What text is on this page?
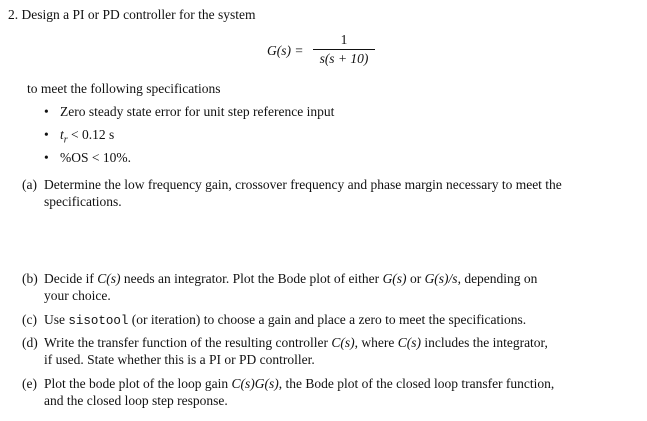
2. Design a PI or PD controller for the system
G(s) =
1
s(s + 10)
to meet the following specifications
• Zero steady state error for unit step reference input
• $t_r < 0.12$ s
• %OS < 10%.
(a) Determine the low frequency gain, crossover frequency and phase margin necessary to meet the
specifications.
(b) Decide if C(s) needs an integrator. Plot the Bode plot of either G(s) or G(s)/s, depending on
your choice.
(c) Use sisotool (or iteration) to choose a gain and place a zero to meet the specifications.
(d) Write the transfer function of the resulting controller C(s), where C(s) includes the integrator,
if used. State whether this is a PI or PD controller.
(e) Plot the bode plot of the loop gain C(s)G(s), the Bode plot of the closed loop transfer function,
and the closed loop step response.
